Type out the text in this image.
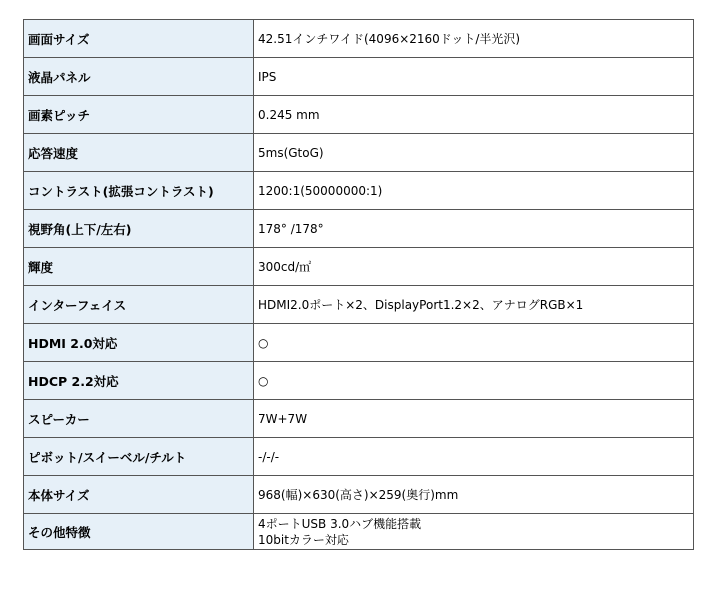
画面サイズ	42.51インチワイド(4096×2160ドット/半光沢)
液晶パネル	IPS
画素ピッチ	0.245 mm
応答速度	5ms(GtoG)
コントラスト(拡張コントラスト)	1200:1(50000000:1)
視野角(上下/左右)	178° /178°
輝度	300cd/㎡
インターフェイス	HDMI2.0ポート×2、DisplayPort1.2×2、アナログRGB×1
HDMI 2.0対応	○
HDCP 2.2対応	○
スピーカー	7W+7W
ピボット/スイーベル/チルト	-/-/-
本体サイズ	968(幅)×630(高さ)×259(奥行)mm
その他特徴	4ポートUSB 3.0ハブ機能搭載
10bitカラー対応
